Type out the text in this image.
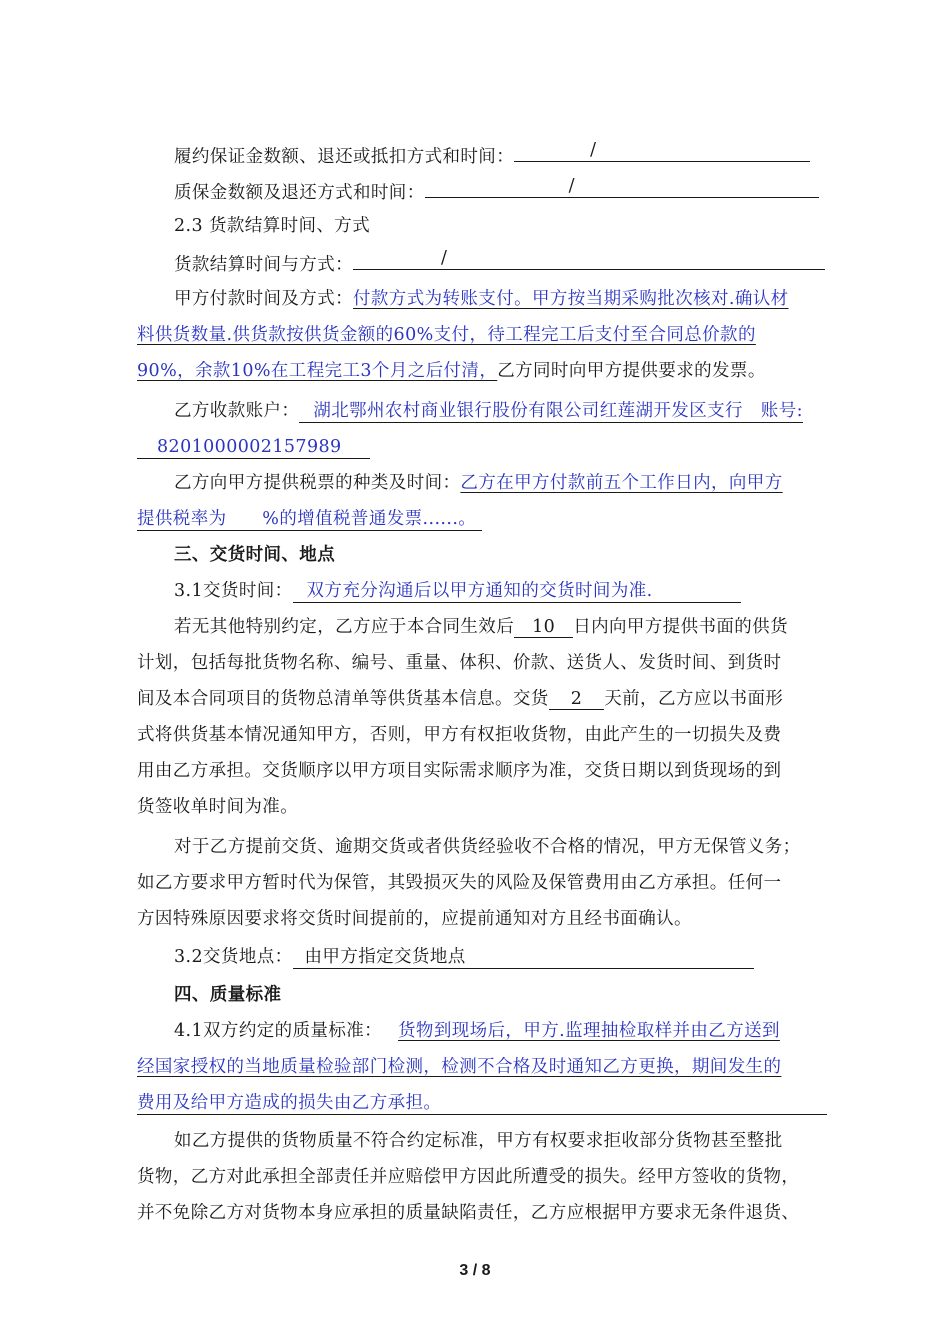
履约保证金数额、退还或抵扣方式和时间：	/
质保金数额及退还方式和时间：	/
2.3 货款结算时间、方式
货款结算时间与方式：	/
甲方付款时间及方式：付款方式为转账支付。甲方按当期采购批次核对.确认材
料供货数量.供货款按供货金额的60%支付，待工程完工后支付至合同总价款的
90%，余款10%在工程完工3个月之后付清，乙方同时向甲方提供要求的发票。
乙方收款账户： 湖北鄂州农村商业银行股份有限公司红莲湖开发区支行　账号:
8201000002157989
乙方向甲方提供税票的种类及时间：乙方在甲方付款前五个工作日内，向甲方
提供税率为　　%的增值税普通发票......。
三、交货时间、地点
3.1交货时间： 双方充分沟通后以甲方通知的交货时间为准.
若无其他特别约定，乙方应于本合同生效后 10 日内向甲方提供书面的供货
计划，包括每批货物名称、编号、重量、体积、价款、送货人、发货时间、到货时
间及本合同项目的货物总清单等供货基本信息。交货 2 天前，乙方应以书面形
式将供货基本情况通知甲方，否则，甲方有权拒收货物，由此产生的一切损失及费
用由乙方承担。交货顺序以甲方项目实际需求顺序为准，交货日期以到货现场的到
货签收单时间为准。
对于乙方提前交货、逾期交货或者供货经验收不合格的情况，甲方无保管义务；
如乙方要求甲方暂时代为保管，其毁损灭失的风险及保管费用由乙方承担。任何一
方因特殊原因要求将交货时间提前的，应提前通知对方且经书面确认。
3.2交货地点： 由甲方指定交货地点
四、质量标准
4.1双方约定的质量标准： 货物到现场后，甲方.监理抽检取样并由乙方送到
经国家授权的当地质量检验部门检测，检测不合格及时通知乙方更换，期间发生的
费用及给甲方造成的损失由乙方承担。
如乙方提供的货物质量不符合约定标准，甲方有权要求拒收部分货物甚至整批
货物，乙方对此承担全部责任并应赔偿甲方因此所遭受的损失。经甲方签收的货物，
并不免除乙方对货物本身应承担的质量缺陷责任，乙方应根据甲方要求无条件退货、
3 / 8
